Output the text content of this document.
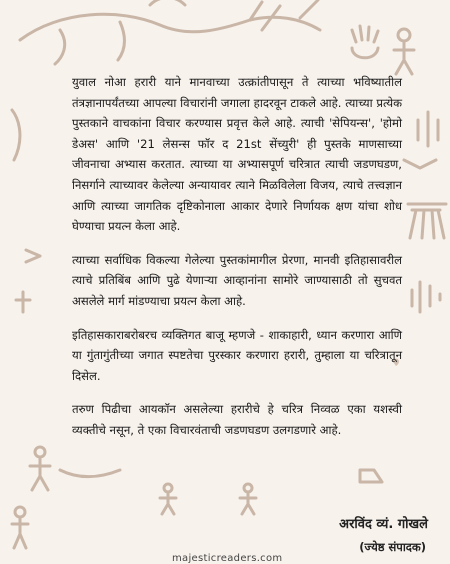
युवाल नोआ हरारी याने मानवाच्या उत्क्रांतीपासून ते त्याच्या भविष्यातील तंत्रज्ञानापर्यंतच्या आपल्या विचारांनी जगाला हादरवून टाकले आहे. त्याच्या प्रत्येक पुस्तकाने वाचकांना विचार करण्यास प्रवृत्त केले आहे. त्याची 'सेपियन्स', 'होमो डेअस' आणि '21 लेसन्स फॉर द 21st सेंच्युरी' ही पुस्तके माणसाच्या जीवनाचा अभ्यास करतात. त्याच्या या अभ्यासपूर्ण चरित्रात त्याची जडणघडण, निसर्गाने त्याच्यावर केलेल्या अन्यायावर त्याने मिळविलेला विजय, त्याचे तत्त्वज्ञान आणि त्याच्या जागतिक दृष्टिकोनाला आकार देणारे निर्णायक क्षण यांचा शोध घेण्याचा प्रयत्न केला आहे.

त्याच्या सर्वाधिक विकल्या गेलेल्या पुस्तकांमागील प्रेरणा, मानवी इतिहासावरील त्याचे प्रतिबिंब आणि पुढे येणाऱ्या आव्हानांना सामोरे जाण्यासाठी तो सुचवत असलेले मार्ग मांडण्याचा प्रयत्न केला आहे.

इतिहासकाराबरोबरच व्यक्तिगत बाजू म्हणजे - शाकाहारी, ध्यान करणारा आणि या गुंतागुंतीच्या जगात स्पष्टतेचा पुरस्कार करणारा हरारी, तुम्हाला या चरित्रातून दिसेल.

तरुण पिढीचा आयकॉन असलेल्या हरारीचे हे चरित्र निव्वळ एका यशस्वी व्यक्तीचे नसून, ते एका विचारवंताची जडणघडण उलगडणारे आहे.

अरविंद व्यं. गोखले
(ज्येष्ठ संपादक)
majesticreaders.com
